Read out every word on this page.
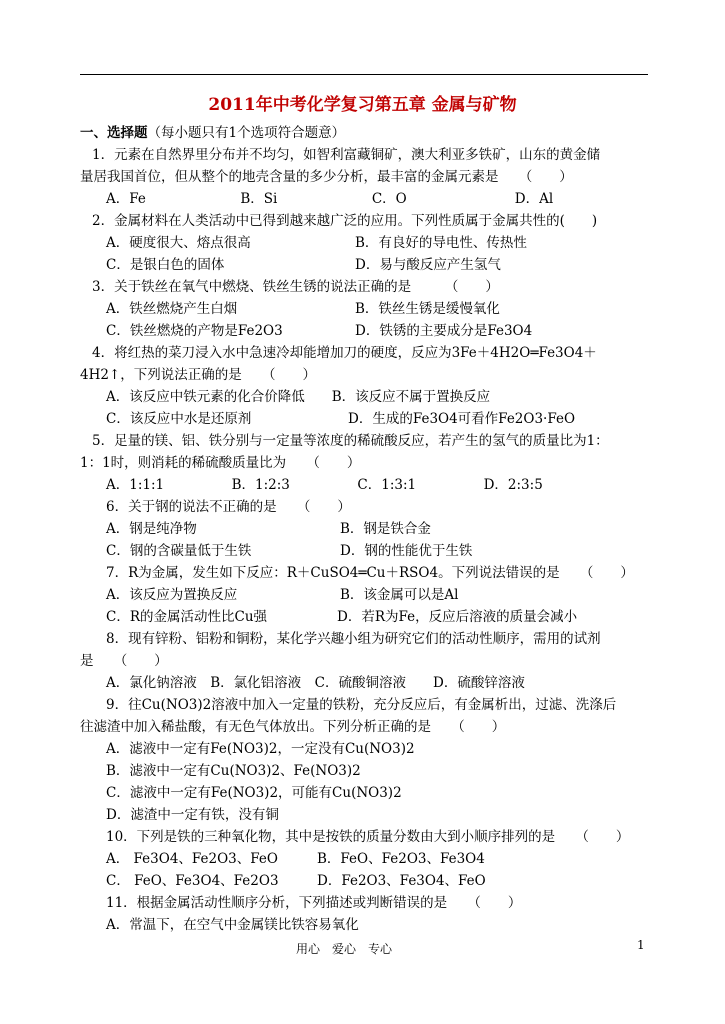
2011年中考化学复习第五章 金属与矿物
一、选择题（每小题只有1个选项符合题意）
1．元素在自然界里分布并不均匀，如智利富藏铜矿，澳大利亚多铁矿，山东的黄金储
量居我国首位，但从整个的地壳含量的多少分析，最丰富的金属元素是　　（　　）
A．Fe　　　　　　　B．Si　　　　　　　C．O　　　　　　　　D．Al
2．金属材料在人类活动中已得到越来越广泛的应用。下列性质属于金属共性的(　　)
A．硬度很大、熔点很高	B．有良好的导电性、传热性
C．是银白色的固体	D．易与酸反应产生氢气
3．关于铁丝在氧气中燃烧、铁丝生锈的说法正确的是　　　（　　）
A．铁丝燃烧产生白烟	B．铁丝生锈是缓慢氧化
C．铁丝燃烧的产物是Fe2O3	D．铁锈的主要成分是Fe3O4
4．将红热的菜刀浸入水中急速冷却能增加刀的硬度，反应为3Fe＋4H2O═Fe3O4＋
4H2↑，下列说法正确的是　　（　　）
A．该反应中铁元素的化合价降低　　B．该反应不属于置换反应
C．该反应中水是还原剂	D．生成的Fe3O4可看作Fe2O3·FeO
5．足量的镁、铝、铁分别与一定量等浓度的稀硫酸反应，若产生的氢气的质量比为1：
1：1时，则消耗的稀硫酸质量比为　　（　　）
A．1:1:1　　　　　B．1:2:3　　　　　C．1:3:1　　　　　D．2:3:5
6．关于钢的说法不正确的是　　（　　）
A．钢是纯净物	B．钢是铁合金
C．钢的含碳量低于生铁	D．钢的性能优于生铁
7．R为金属，发生如下反应：R＋CuSO4═Cu＋RSO4。下列说法错误的是　　（　　）
A．该反应为置换反应	B．该金属可以是Al
C．R的金属活动性比Cu强	D．若R为Fe，反应后溶液的质量会减小
8．现有锌粉、铝粉和铜粉，某化学兴趣小组为研究它们的活动性顺序，需用的试剂
是　　（　　）
A．氯化钠溶液　B．氯化铝溶液　C．硫酸铜溶液　　D．硫酸锌溶液
9．往Cu(NO3)2溶液中加入一定量的铁粉，充分反应后，有金属析出，过滤、洗涤后
往滤渣中加入稀盐酸，有无色气体放出。下列分析正确的是　　（　　）
A．滤液中一定有Fe(NO3)2，一定没有Cu(NO3)2
B．滤液中一定有Cu(NO3)2、Fe(NO3)2
C．滤液中一定有Fe(NO3)2，可能有Cu(NO3)2
D．滤渣中一定有铁，没有铜
10．下列是铁的三种氧化物，其中是按铁的质量分数由大到小顺序排列的是　　（　　）
A． Fe3O4、Fe2O3、FeO	B．FeO、Fe2O3、Fe3O4
C． FeO、Fe3O4、Fe2O3	D．Fe2O3、Fe3O4、FeO
11．根据金属活动性顺序分析，下列描述或判断错误的是　　（　　）
A．常温下，在空气中金属镁比铁容易氧化
用心　爱心　专心	1
